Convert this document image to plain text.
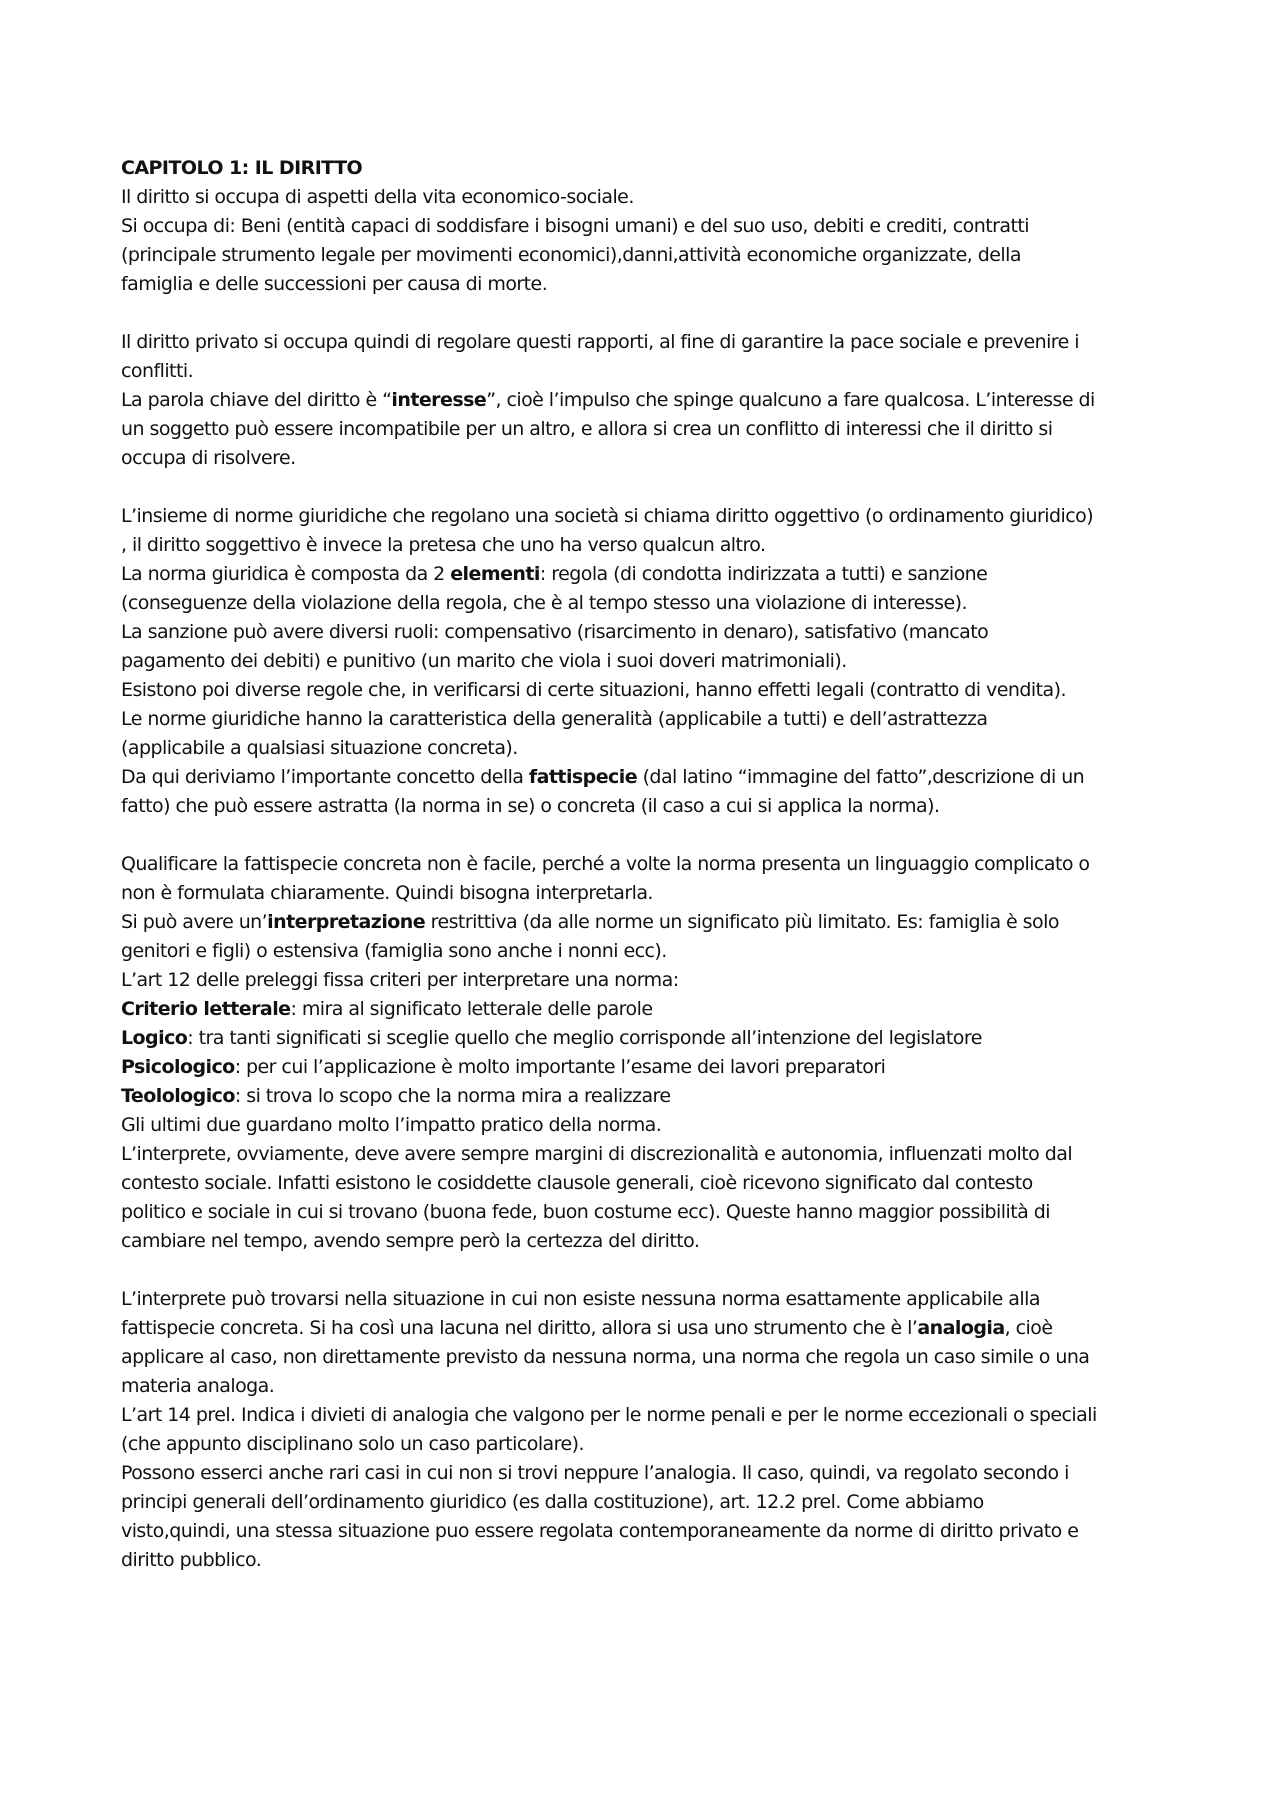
CAPITOLO 1: IL DIRITTO
Il diritto si occupa di aspetti della vita economico-sociale.
Si occupa di: Beni (entità capaci di soddisfare i bisogni umani) e del suo uso, debiti e crediti, contratti
(principale strumento legale per movimenti economici),danni,attività economiche organizzate, della
famiglia e delle successioni per causa di morte.
Il diritto privato si occupa quindi di regolare questi rapporti, al fine di garantire la pace sociale e prevenire i
conflitti.
La parola chiave del diritto è “interesse”, cioè l’impulso che spinge qualcuno a fare qualcosa. L’interesse di
un soggetto può essere incompatibile per un altro, e allora si crea un conflitto di interessi che il diritto si
occupa di risolvere.
L’insieme di norme giuridiche che regolano una società si chiama diritto oggettivo (o ordinamento giuridico)
, il diritto soggettivo è invece la pretesa che uno ha verso qualcun altro.
La norma giuridica è composta da 2 elementi: regola (di condotta indirizzata a tutti) e sanzione
(conseguenze della violazione della regola, che è al tempo stesso una violazione di interesse).
La sanzione può avere diversi ruoli: compensativo (risarcimento in denaro), satisfativo (mancato
pagamento dei debiti) e punitivo (un marito che viola i suoi doveri matrimoniali).
Esistono poi diverse regole che, in verificarsi di certe situazioni, hanno effetti legali (contratto di vendita).
Le norme giuridiche hanno la caratteristica della generalità (applicabile a tutti) e dell’astrattezza
(applicabile a qualsiasi situazione concreta).
Da qui deriviamo l’importante concetto della fattispecie (dal latino “immagine del fatto”,descrizione di un
fatto) che può essere astratta (la norma in se) o concreta (il caso a cui si applica la norma).
Qualificare la fattispecie concreta non è facile, perché a volte la norma presenta un linguaggio complicato o
non è formulata chiaramente. Quindi bisogna interpretarla.
Si può avere un’interpretazione restrittiva (da alle norme un significato più limitato. Es: famiglia è solo
genitori e figli) o estensiva (famiglia sono anche i nonni ecc).
L’art 12 delle preleggi fissa criteri per interpretare una norma:
Criterio letterale: mira al significato letterale delle parole
Logico: tra tanti significati si sceglie quello che meglio corrisponde all’intenzione del legislatore
Psicologico: per cui l’applicazione è molto importante l’esame dei lavori preparatori
Teolologico: si trova lo scopo che la norma mira a realizzare
Gli ultimi due guardano molto l’impatto pratico della norma.
L’interprete, ovviamente, deve avere sempre margini di discrezionalità e autonomia, influenzati molto dal
contesto sociale. Infatti esistono le cosiddette clausole generali, cioè ricevono significato dal contesto
politico e sociale in cui si trovano (buona fede, buon costume ecc). Queste hanno maggior possibilità di
cambiare nel tempo, avendo sempre però la certezza del diritto.
L’interprete può trovarsi nella situazione in cui non esiste nessuna norma esattamente applicabile alla
fattispecie concreta. Si ha così una lacuna nel diritto, allora si usa uno strumento che è l’analogia, cioè
applicare al caso, non direttamente previsto da nessuna norma, una norma che regola un caso simile o una
materia analoga.
L’art 14 prel. Indica i divieti di analogia che valgono per le norme penali e per le norme eccezionali o speciali
(che appunto disciplinano solo un caso particolare).
Possono esserci anche rari casi in cui non si trovi neppure l’analogia. Il caso, quindi, va regolato secondo i
principi generali dell’ordinamento giuridico (es dalla costituzione), art. 12.2 prel. Come abbiamo
visto,quindi, una stessa situazione puo essere regolata contemporaneamente da norme di diritto privato e
diritto pubblico.
